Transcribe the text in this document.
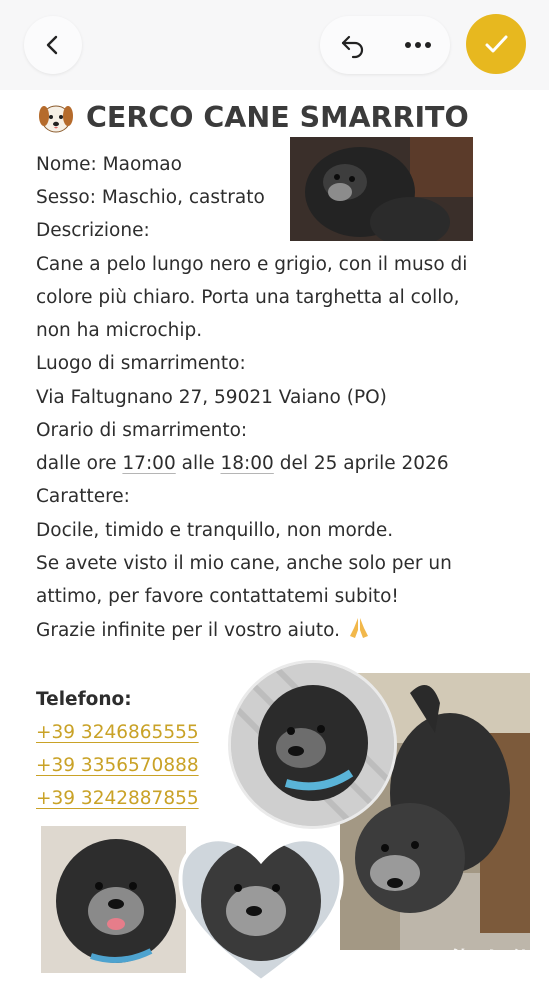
CERCO CANE SMARRITO
Nome: Maomao
Sesso: Maschio, castrato
Descrizione:
Cane a pelo lungo nero e grigio, con il muso di
colore più chiaro. Porta una targhetta al collo,
non ha microchip.
Luogo di smarrimento:
Via Faltugnano 27, 59021 Vaiano (PO)
Orario di smarrimento:
dalle ore 17:00 alle 18:00 del 25 aprile 2026
Carattere:
Docile, timido e tranquillo, non morde.
Se avete visto il mio cane, anche solo per un
attimo, per favore contattatemi subito!
Grazie infinite per il vostro aiuto.
Telefono:
+39 3246865555
+39 3356570888
+39 3242887855
华人街
HUARENJIE
